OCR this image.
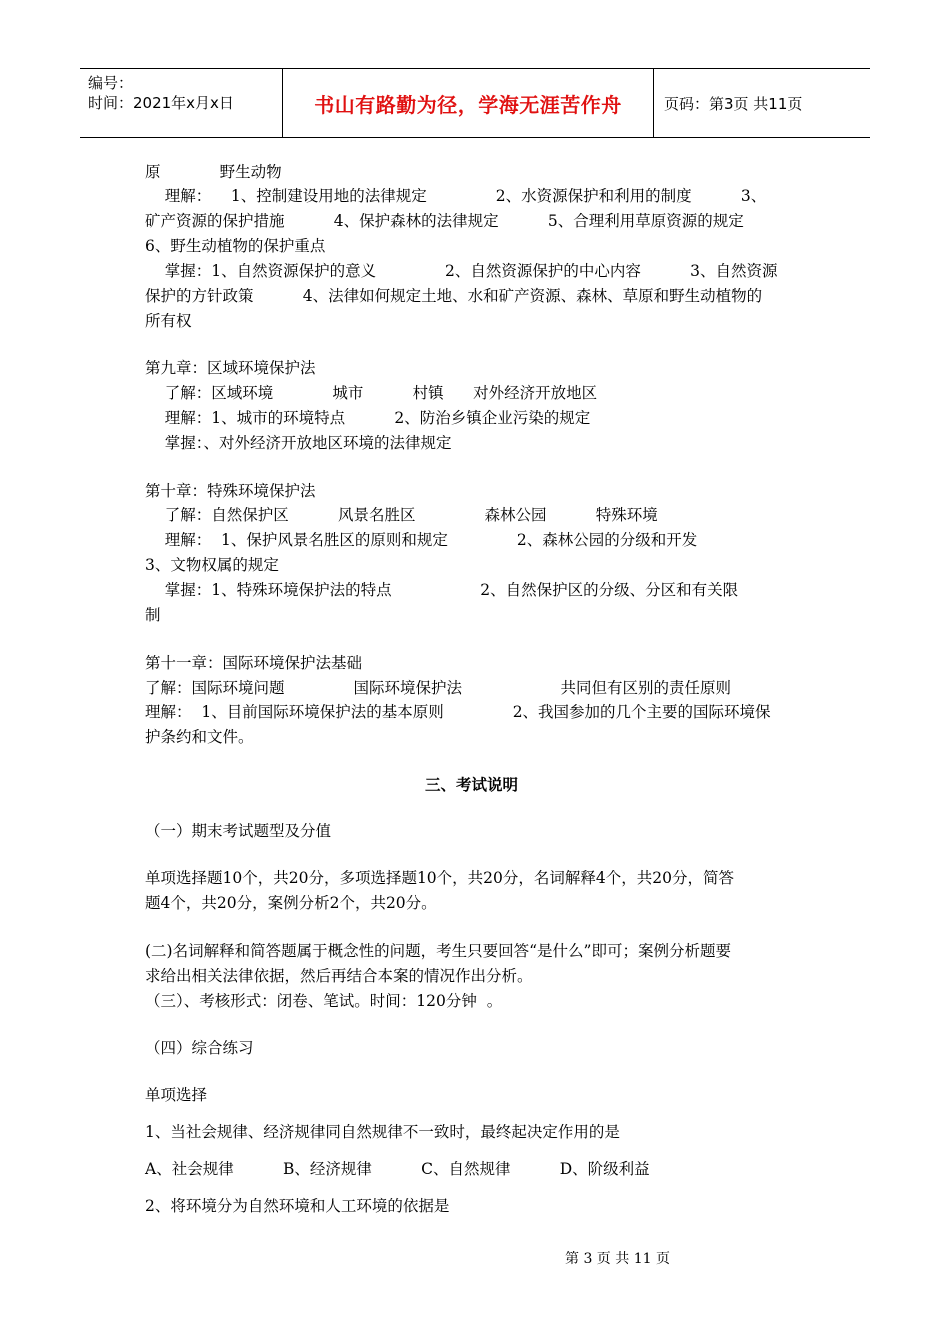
编号：
时间：2021年x月x日	书山有路勤为径，学海无涯苦作舟	页码：第3页 共11页
原            野生动物
理解：    1、控制建设用地的法律规定              2、水资源保护和利用的制度          3、
矿产资源的保护措施          4、保护森林的法律规定          5、合理利用草原资源的规定
6、野生动植物的保护重点
掌握：1、自然资源保护的意义              2、自然资源保护的中心内容          3、自然资源
保护的方针政策          4、法律如何规定土地、水和矿产资源、森林、草原和野生动植物的
所有权
第九章：区域环境保护法
了解：区域环境            城市          村镇      对外经济开放地区
理解：1、城市的环境特点          2、防治乡镇企业污染的规定
掌握：、对外经济开放地区环境的法律规定
第十章：特殊环境保护法
了解：自然保护区          风景名胜区              森林公园          特殊环境
理解：  1、保护风景名胜区的原则和规定              2、森林公园的分级和开发
3、文物权属的规定
掌握：1、特殊环境保护法的特点                  2、自然保护区的分级、分区和有关限
制
第十一章：国际环境保护法基础
了解：国际环境问题              国际环境保护法                    共同但有区别的责任原则
理解：  1、目前国际环境保护法的基本原则              2、我国参加的几个主要的国际环境保
护条约和文件。
三、考试说明
（一）期末考试题型及分值
单项选择题10个，共20分，多项选择题10个，共20分，名词解释4个，共20分，简答
题4个，共20分，案例分析2个，共20分。
(二)名词解释和简答题属于概念性的问题，考生只要回答“是什么”即可；案例分析题要
求给出相关法律依据，然后再结合本案的情况作出分析。
（三）、考核形式：闭卷、笔试。时间：120分钟  。
（四）综合练习
单项选择
1、当社会规律、经济规律同自然规律不一致时，最终起决定作用的是
A、社会规律          B、经济规律          C、自然规律          D、阶级利益
2、将环境分为自然环境和人工环境的依据是
第 3 页 共 11 页
